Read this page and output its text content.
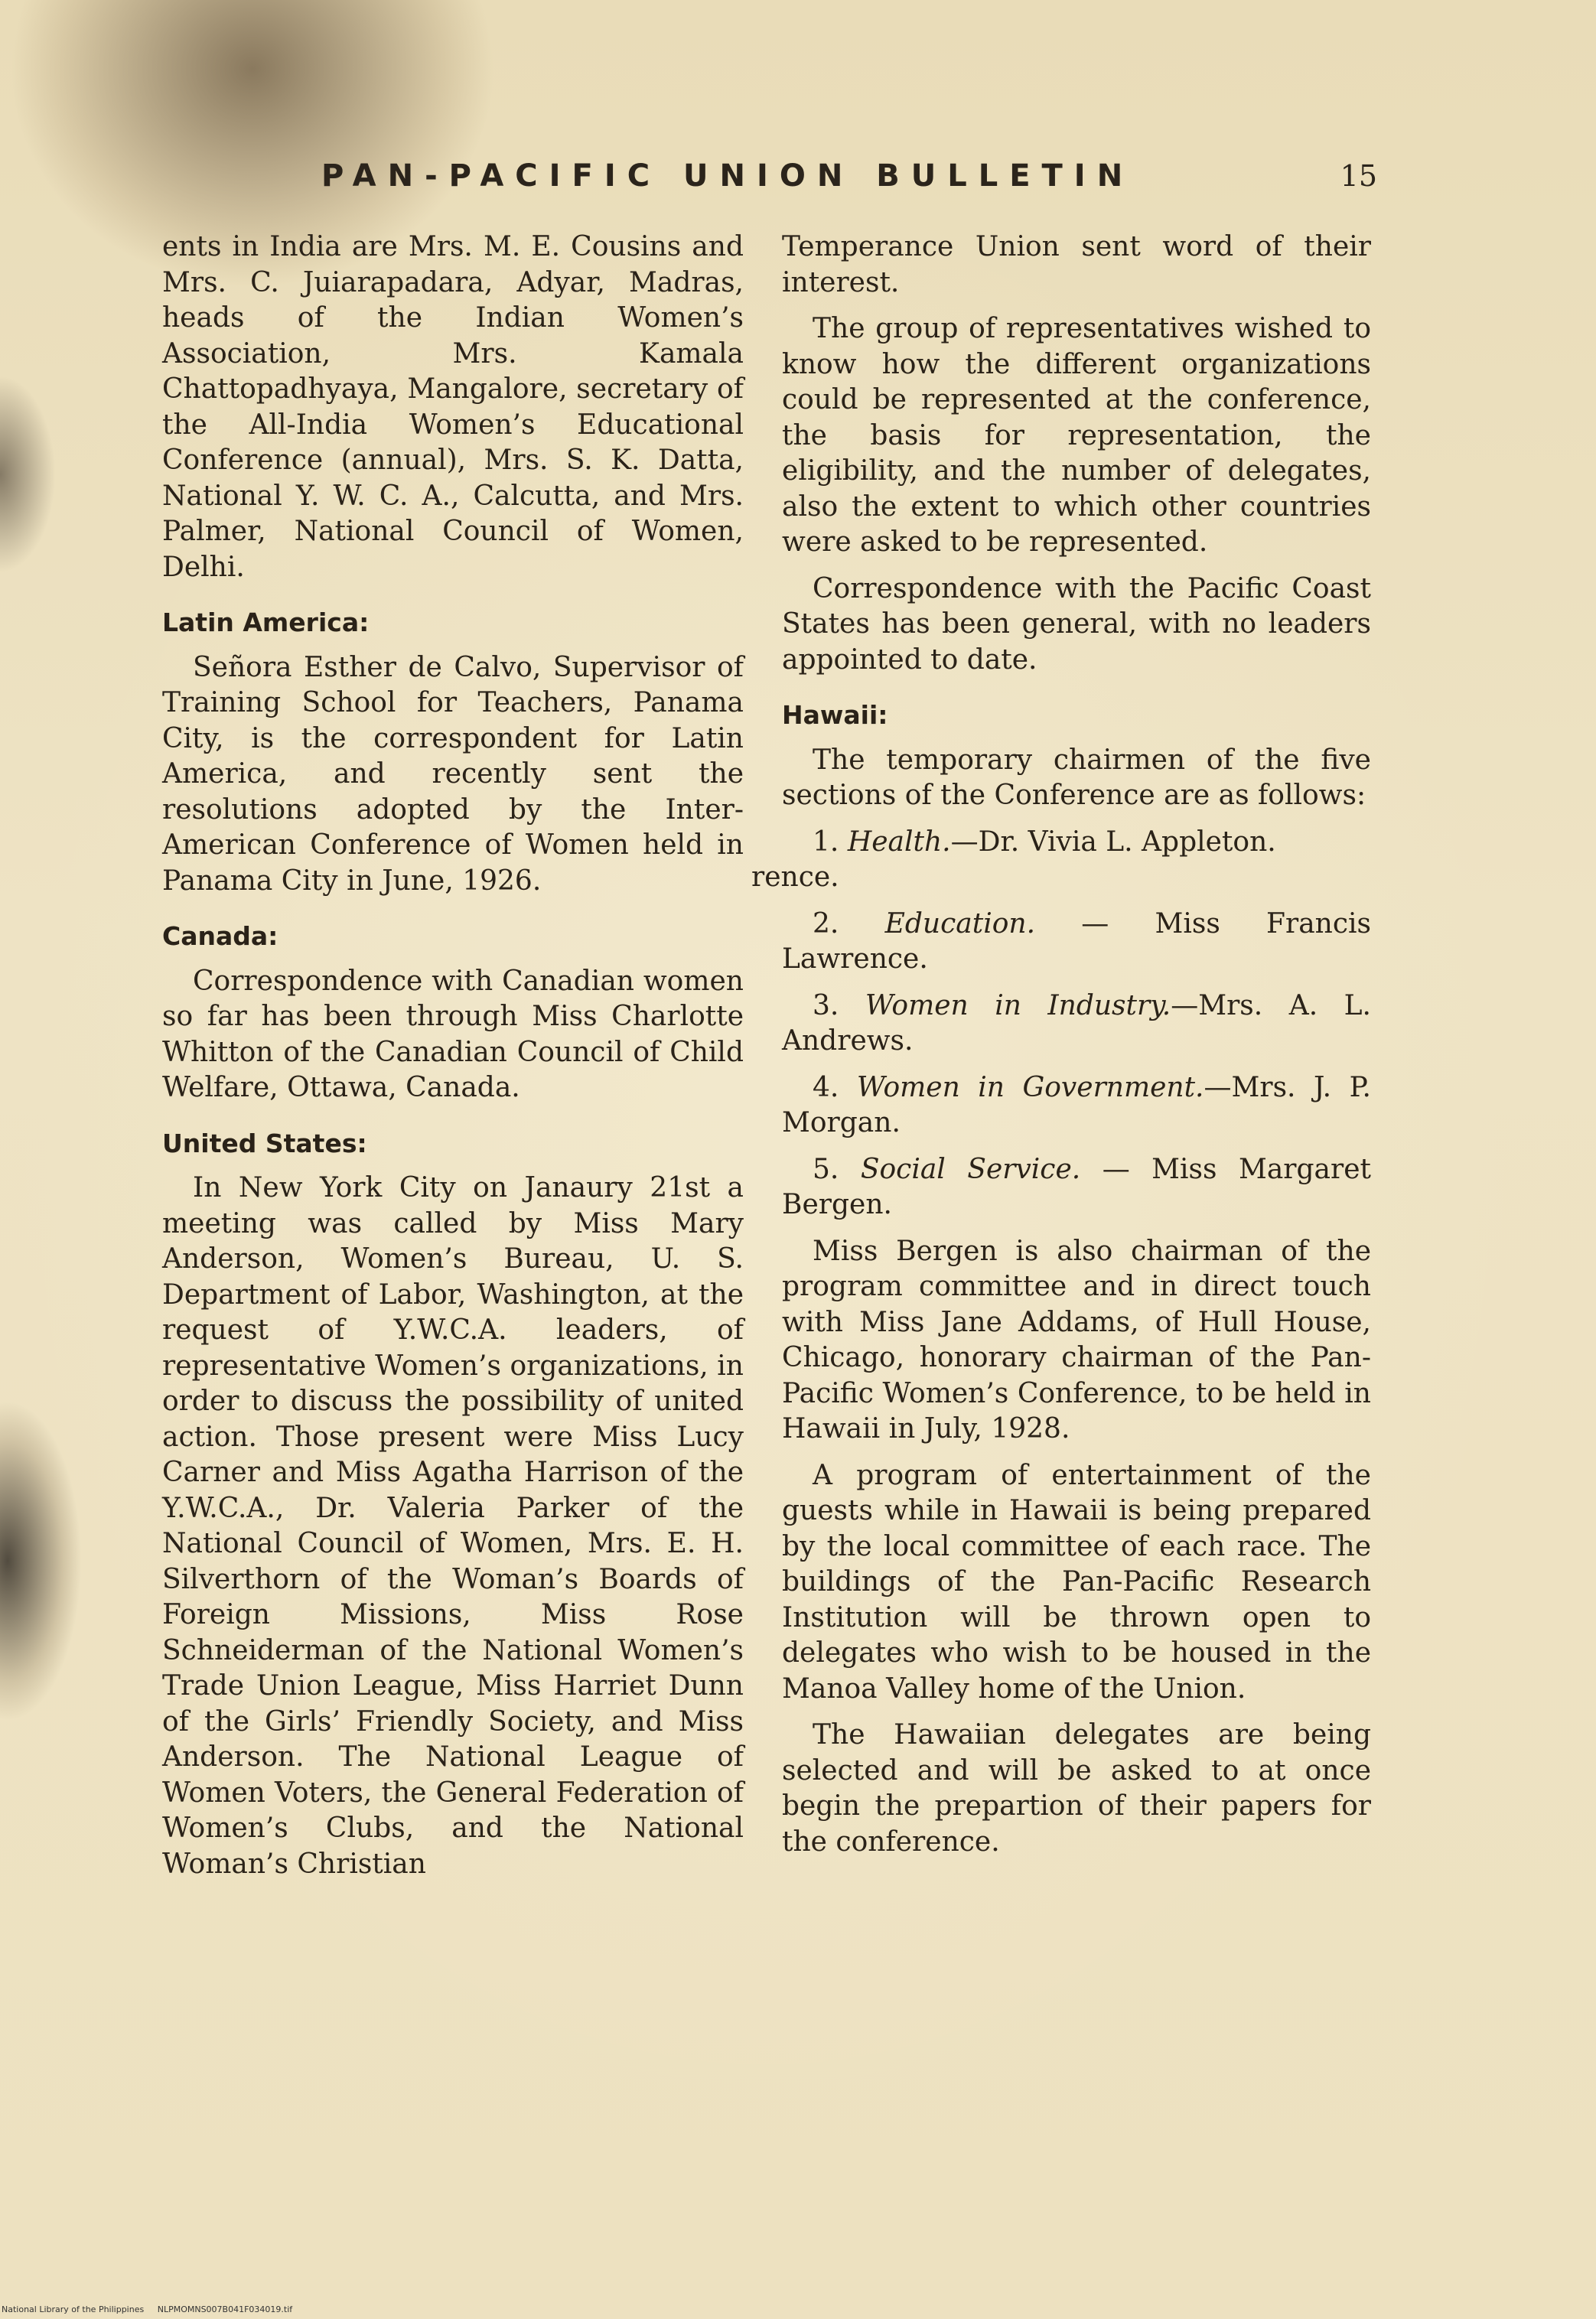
PAN-PACIFIC UNION BULLETIN	15

ents in India are Mrs. M. E. Cousins and Mrs. C. Juiarapadara, Adyar, Madras, heads of the Indian Women’s Association, Mrs. Kamala Chattopadhyaya, Mangalore, secretary of the All-India Women’s Educational Conference (annual), Mrs. S. K. Datta, National Y. W. C. A., Calcutta, and Mrs. Palmer, National Council of Women, Delhi.

Latin America:

Señora Esther de Calvo, Supervisor of Training School for Teachers, Panama City, is the correspondent for Latin America, and recently sent the resolutions adopted by the Inter-American Conference of Women held in Panama City in June, 1926.

Canada:

Correspondence with Canadian women so far has been through Miss Charlotte Whitton of the Canadian Council of Child Welfare, Ottawa, Canada.

United States:

In New York City on Janaury 21st a meeting was called by Miss Mary Anderson, Women’s Bureau, U. S. Department of Labor, Washington, at the request of Y.W.C.A. leaders, of representative Women’s organizations, in order to discuss the possibility of united action. Those present were Miss Lucy Carner and Miss Agatha Harrison of the Y.W.C.A., Dr. Valeria Parker of the National Council of Women, Mrs. E. H. Silverthorn of the Woman’s Boards of Foreign Missions, Miss Rose Schneiderman of the National Women’s Trade Union League, Miss Harriet Dunn of the Girls’ Friendly Society, and Miss Anderson. The National League of Women Voters, the General Federation of Women’s Clubs, and the National Woman’s Christian

Temperance Union sent word of their interest.

The group of representatives wished to know how the different organizations could be represented at the conference, the basis for representation, the eligibility, and the number of delegates, also the extent to which other countries were asked to be represented.

Correspondence with the Pacific Coast States has been general, with no leaders appointed to date.

Hawaii:

The temporary chairmen of the five sections of the Conference are as follows:

1. Health.—Dr. Vivia L. Appleton.
rence.

2. Education. — Miss Francis Lawrence.

3. Women in Industry.—Mrs. A. L. Andrews.

4. Women in Government.—Mrs. J. P. Morgan.

5. Social Service. — Miss Margaret Bergen.

Miss Bergen is also chairman of the program committee and in direct touch with Miss Jane Addams, of Hull House, Chicago, honorary chairman of the Pan-Pacific Women’s Conference, to be held in Hawaii in July, 1928.

A program of entertainment of the guests while in Hawaii is being prepared by the local committee of each race. The buildings of the Pan-Pacific Research Institution will be thrown open to delegates who wish to be housed in the Manoa Valley home of the Union.

The Hawaiian delegates are being selected and will be asked to at once begin the prepartion of their papers for the conference.

National Library of the Philippines NLPMOMNS007B041F034019.tif
